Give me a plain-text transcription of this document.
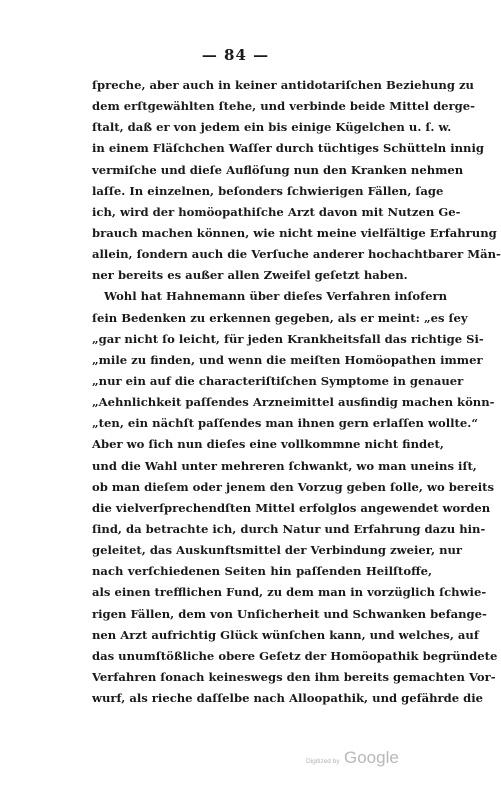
— 84 —
ſpreche, aber auch in keiner antidotariſchen Beziehung zu
dem erſtgewählten ſtehe, und verbinde beide Mittel derge-
ſtalt, daß er von jedem ein bis einige Kügelchen u. ſ. w.
in einem Fläſchchen Waſſer durch tüchtiges Schütteln innig
vermiſche und dieſe Auflöſung nun den Kranken nehmen
laſſe. In einzelnen, beſonders ſchwierigen Fällen, ſage
ich, wird der homöopathiſche Arzt davon mit Nutzen Ge-
brauch machen können, wie nicht meine vielfältige Erfahrung
allein, ſondern auch die Verſuche anderer hochachtbarer Män-
ner bereits es außer allen Zweifel geſetzt haben.
Wohl hat Hahnemann über dieſes Verfahren inſofern
ſein Bedenken zu erkennen gegeben, als er meint: „es ſey
„gar nicht ſo leicht, für jeden Krankheitsfall das richtige Si-
„mile zu finden, und wenn die meiſten Homöopathen immer
„nur ein auf die characteriſtiſchen Symptome in genauer
„Aehnlichkeit paſſendes Arzneimittel ausfindig machen könn-
„ten, ein nächſt paſſendes man ihnen gern erlaſſen wollte.“
Aber wo ſich nun dieſes eine vollkommne nicht findet,
und die Wahl unter mehreren ſchwankt, wo man uneins iſt,
ob man dieſem oder jenem den Vorzug geben ſolle, wo bereits
die vielverſprechendſten Mittel erfolglos angewendet worden
ſind, da betrachte ich, durch Natur und Erfahrung dazu hin-
geleitet, das Auskunftsmittel der Verbindung zweier, nur
nach verſchiedenen Seiten hin paſſenden Heilſtoffe,
als einen trefflichen Fund, zu dem man in vorzüglich ſchwie-
rigen Fällen, dem von Unſicherheit und Schwanken befange-
nen Arzt aufrichtig Glück wünſchen kann, und welches, auf
das unumſtößliche obere Geſetz der Homöopathik begründete
Verfahren ſonach keineswegs den ihm bereits gemachten Vor-
wurf, als rieche daſſelbe nach Alloopathik, und gefährde die
Digitized by Google
